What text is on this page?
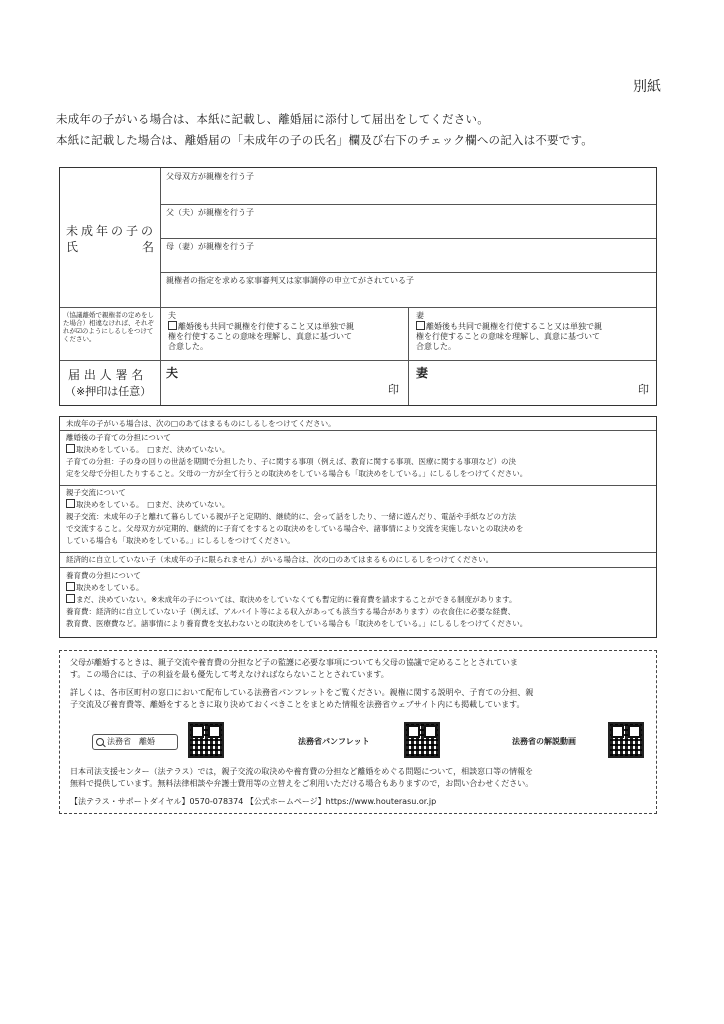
別紙
未成年の子がいる場合は、本紙に記載し、離婚届に添付して届出をしてください。
本紙に記載した場合は、離婚届の「未成年の子の氏名」欄及び右下のチェック欄への記入は不要です。
未成年の子の
氏	名
父母双方が親権を行う子
父（夫）が親権を行う子
母（妻）が親権を行う子
親権者の指定を求める家事審判又は家事調停の申立てがされている子
（協議離婚で親権者の定めをした場合）相違なければ、それぞれが☑のようにしるしをつけてください。
夫
離婚後も共同で親権を行使すること又は単独で親
権を行使することの意味を理解し、真意に基づいて
合意した。
妻
離婚後も共同で親権を行使すること又は単独で親
権を行使することの意味を理解し、真意に基づいて
合意した。
届 出 人 署 名
（※押印は任意）
夫
印
妻
印
未成年の子がいる場合は、次の□のあてはまるものにしるしをつけてください。
離婚後の子育ての分担について
取決めをしている。　□まだ、決めていない。
子育ての分担：子の身の回りの世話を期間で分担したり、子に関する事項（例えば、教育に関する事項、医療に関する事項など）の決
定を父母で分担したりすること。父母の一方が全て行うとの取決めをしている場合も「取決めをしている。」にしるしをつけてください。
親子交流について
取決めをしている。　□まだ、決めていない。
親子交流：未成年の子と離れて暮らしている親が子と定期的、継続的に、会って話をしたり、一緒に遊んだり、電話や手紙などの方法
で交流すること。父母双方が定期的、継続的に子育てをするとの取決めをしている場合や、諸事情により交流を実施しないとの取決めを
している場合も「取決めをしている。」にしるしをつけてください。
経済的に自立していない子（未成年の子に限られません）がいる場合は、次の□のあてはまるものにしるしをつけてください。
養育費の分担について
取決めをしている。
まだ、決めていない。※未成年の子については、取決めをしていなくても暫定的に養育費を請求することができる制度があります。
養育費：経済的に自立していない子（例えば、アルバイト等による収入があっても該当する場合があります）の衣食住に必要な経費、
教育費、医療費など。諸事情により養育費を支払わないとの取決めをしている場合も「取決めをしている。」にしるしをつけてください。
父母が離婚するときは、親子交流や養育費の分担など子の監護に必要な事項についても父母の協議で定めることとされていま
す。この場合には、子の利益を最も優先して考えなければならないこととされています。
詳しくは、各市区町村の窓口において配布している法務省パンフレットをご覧ください。親権に関する説明や、子育ての分担、親
子交流及び養育費等、離婚をするときに取り決めておくべきことをまとめた情報を法務省ウェブサイト内にも掲載しています。
法務省　離婚	法務省パンフレット	法務省の解説動画
日本司法支援センター（法テラス）では，親子交流の取決めや養育費の分担など離婚をめぐる問題について，相談窓口等の情報を
無料で提供しています。無料法律相談や弁護士費用等の立替えをご利用いただける場合もありますので，お問い合わせください。
【法テラス・サポートダイヤル】0570-078374 【公式ホームページ】https://www.houterasu.or.jp
